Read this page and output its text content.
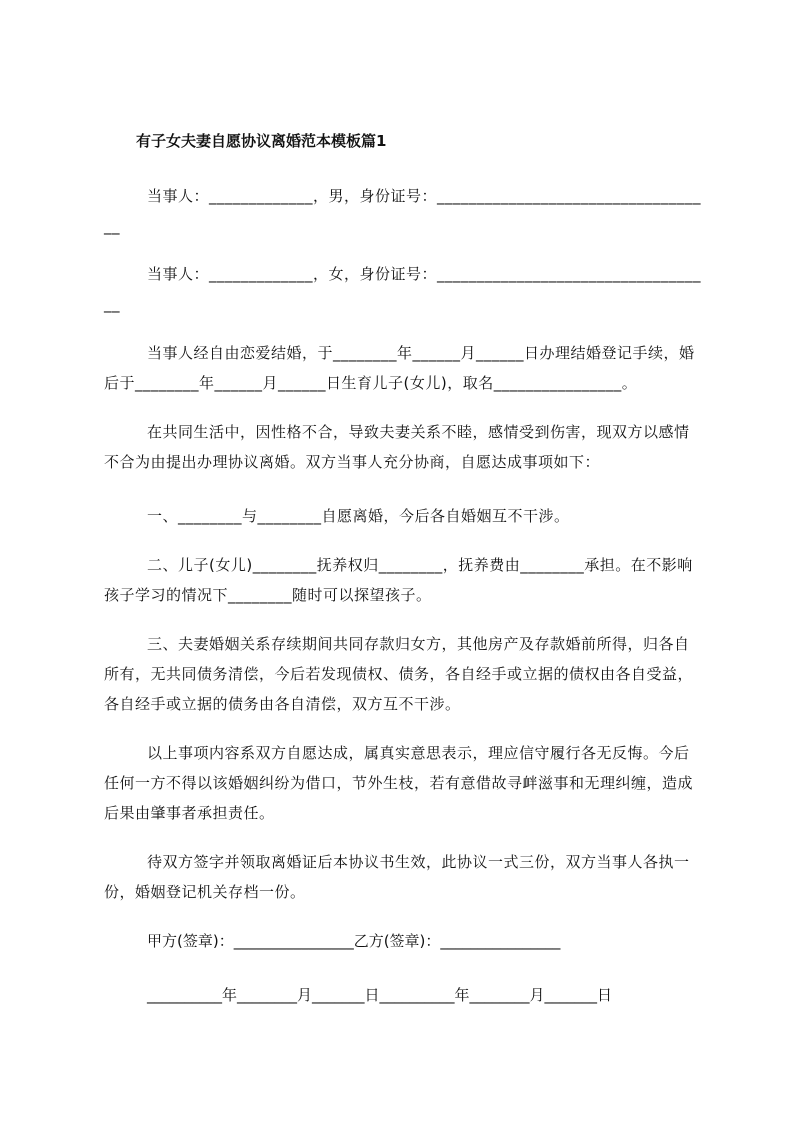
有子女夫妻自愿协议离婚范本模板篇1
当事人：_____________，男，身份证号：___________________________________
当事人：_____________，女，身份证号：___________________________________
当事人经自由恋爱结婚，于________年______月______日办理结婚登记手续，婚后于________年______月______日生育儿子(女儿)，取名________________。
在共同生活中，因性格不合，导致夫妻关系不睦，感情受到伤害，现双方以感情不合为由提出办理协议离婚。双方当事人充分协商，自愿达成事项如下：
一、________与________自愿离婚，今后各自婚姻互不干涉。
二、儿子(女儿)________抚养权归________，抚养费由________承担。在不影响孩子学习的情况下________随时可以探望孩子。
三、夫妻婚姻关系存续期间共同存款归女方，其他房产及存款婚前所得，归各自所有，无共同债务清偿，今后若发现债权、债务，各自经手或立据的债权由各自受益，各自经手或立据的债务由各自清偿，双方互不干涉。
以上事项内容系双方自愿达成，属真实意思表示，理应信守履行各无反悔。今后任何一方不得以该婚姻纠纷为借口，节外生枝，若有意借故寻衅滋事和无理纠缠，造成后果由肇事者承担责任。
待双方签字并领取离婚证后本协议书生效，此协议一式三份，双方当事人各执一份，婚姻登记机关存档一份。
甲方(签章)：________________乙方(签章)：________________
__________年________月_______日__________年________月_______日
